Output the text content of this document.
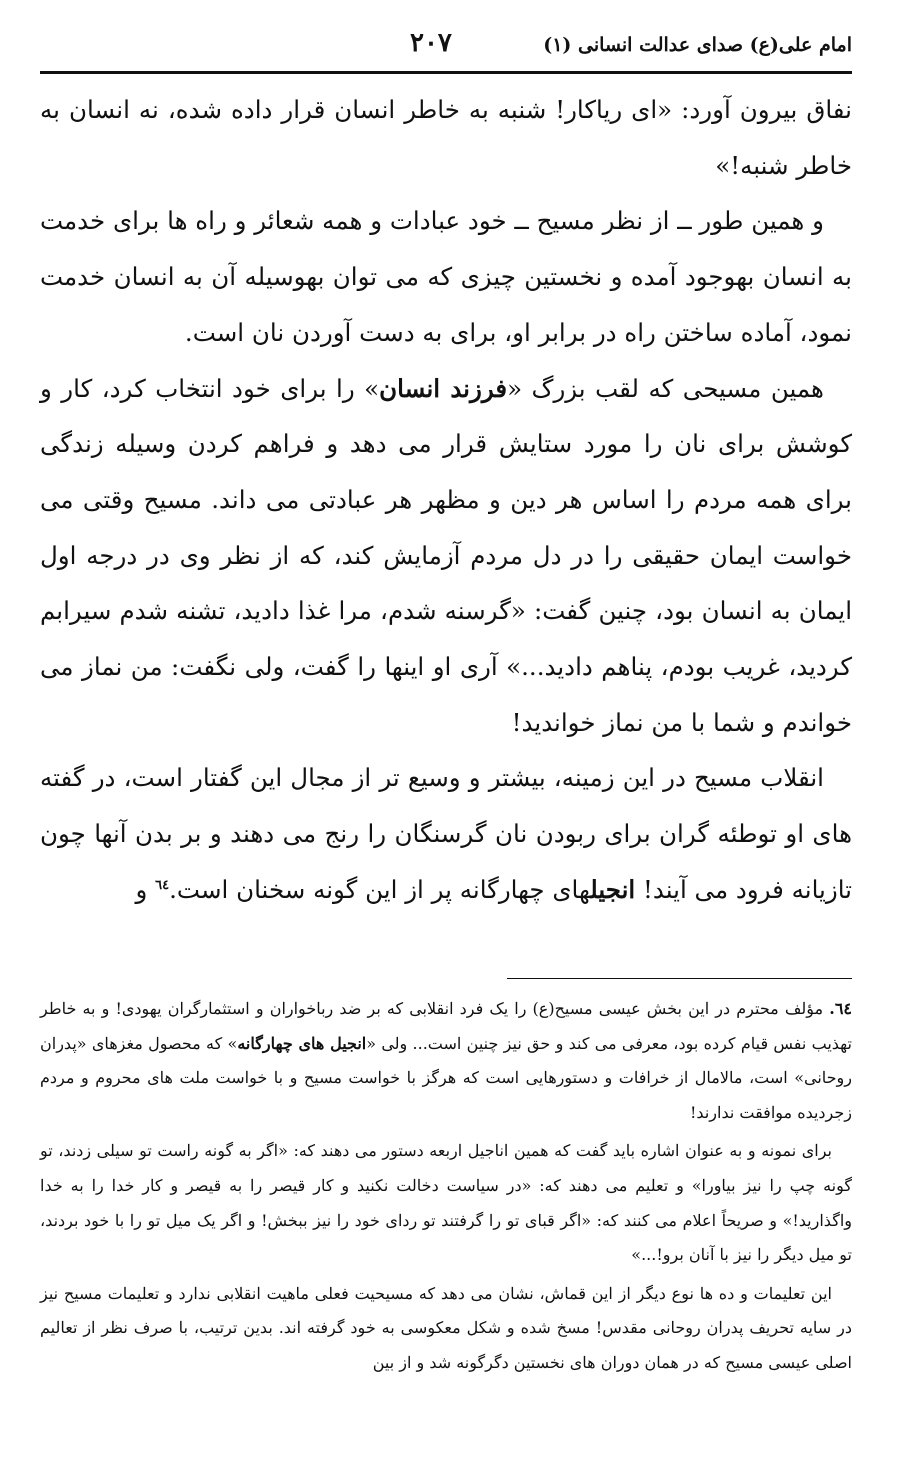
امام علی(ع) صدای عدالت انسانی (۱)
۲۰۷

نفاق بیرون آورد: «ای ریاکار! شنبه به خاطر انسان قرار داده شده، نه انسان به خاطر شنبه!»

و همین طور ــ از نظر مسیح ــ خود عبادات و همه شعائر و راه ها برای خدمت به انسان بهوجود آمده و نخستین چیزی که می توان بهوسیله آن به انسان خدمت نمود، آماده ساختن راه در برابر او، برای به دست آوردن نان است.

همین مسیحی که لقب بزرگ «فرزند انسان» را برای خود انتخاب کرد، کار و کوشش برای نان را مورد ستایش قرار می دهد و فراهم کردن وسیله زندگی برای همه مردم را اساس هر دین و مظهر هر عبادتی می داند. مسیح وقتی می خواست ایمان حقیقی را در دل مردم آزمایش کند، که از نظر وی در درجه اول ایمان به انسان بود، چنین گفت: «گرسنه شدم، مرا غذا دادید، تشنه شدم سیرابم کردید، غریب بودم، پناهم دادید...» آری او اینها را گفت، ولی نگفت: من نماز می خواندم و شما با من نماز خواندید!

انقلاب مسیح در این زمینه، بیشتر و وسیع تر از مجال این گفتار است، در گفته های او توطئه گران برای ربودن نان گرسنگان را رنج می دهند و بر بدن آنها چون تازیانه فرود می آیند! انجیلهای چهارگانه پر از این گونه سخنان است.$^{٦٤}$ و

٦٤. مؤلف محترم در این بخش عیسی مسیح(ع) را یک فرد انقلابی که بر ضد رباخواران و استثمارگران یهودی! و به خاطر تهذیب نفس قیام کرده بود، معرفی می کند و حق نیز چنین است... ولی «انجیل های چهارگانه» که محصول مغزهای «پدران روحانی» است، مالامال از خرافات و دستورهایی است که هرگز با خواست مسیح و با خواست ملت های محروم و مردم زجردیده موافقت ندارند!

برای نمونه و به عنوان اشاره باید گفت که همین اناجیل اربعه دستور می دهند که: «اگر به گونه راست تو سیلی زدند، تو گونه چپ را نیز بیاورا» و تعلیم می دهند که: «در سیاست دخالت نکنید و کار قیصر را به قیصر و کار خدا را به خدا واگذارید!» و صریحاً اعلام می کنند که: «اگر قبای تو را گرفتند تو ردای خود را نیز ببخش! و اگر یک میل تو را با خود بردند، تو میل دیگر را نیز با آنان برو!...»

این تعلیمات و ده ها نوع دیگر از این قماش، نشان می دهد که مسیحیت فعلی ماهیت انقلابی ندارد و تعلیمات مسیح نیز در سایه تحریف پدران روحانی مقدس! مسخ شده و شکل معکوسی به خود گرفته اند. بدین ترتیب، با صرف نظر از تعالیم اصلی عیسی مسیح که در همان دوران های نخستین دگرگونه شد و از بین
